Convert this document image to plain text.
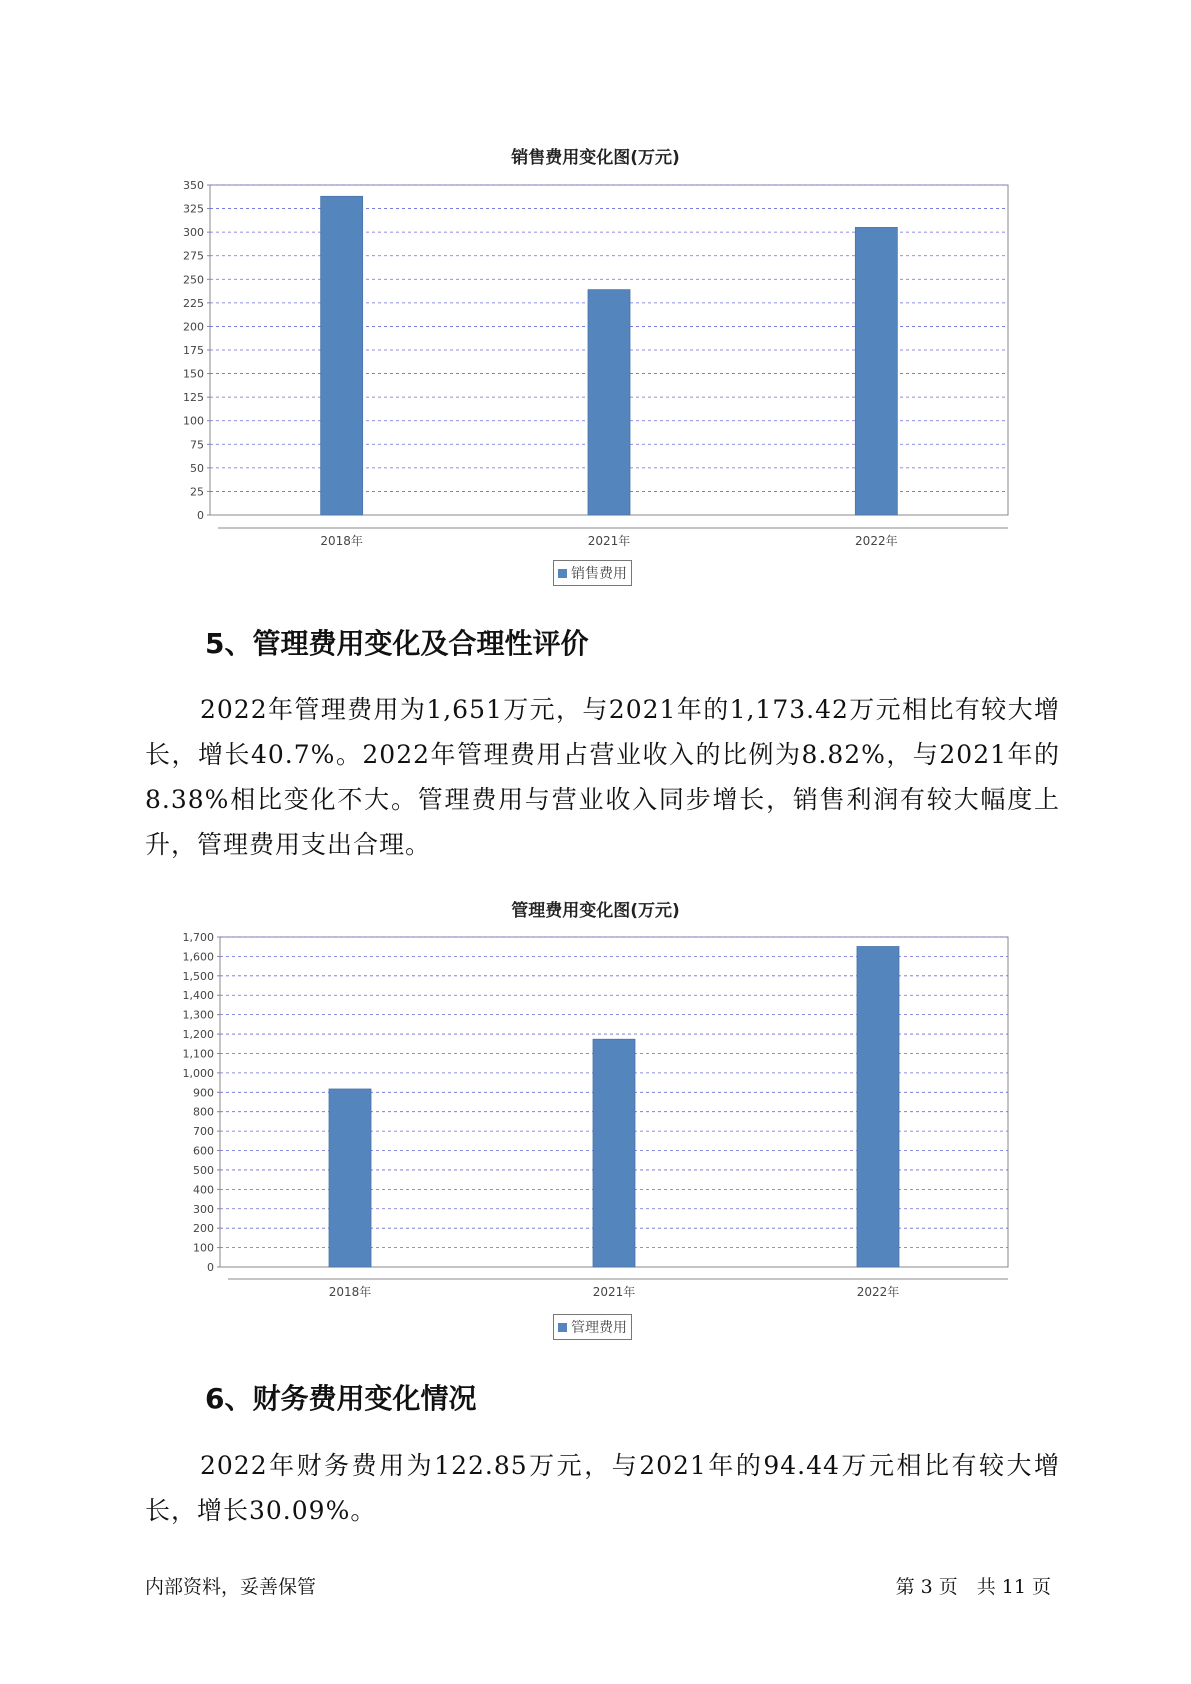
销售费用变化图(万元)
0
25
50
75
100
125
150
175
200
225
250
275
300
325
350
2018年	2021年	2022年
销售费用
5、管理费用变化及合理性评价
2022年管理费用为1,651万元，与2021年的1,173.42万元相比有较大增长，增长40.7%。2022年管理费用占营业收入的比例为8.82%，与2021年的8.38%相比变化不大。管理费用与营业收入同步增长，销售利润有较大幅度上升，管理费用支出合理。
管理费用变化图(万元)
0
100
200
300
400
500
600
700
800
900
1,000
1,100
1,200
1,300
1,400
1,500
1,600
1,700
2018年	2021年	2022年
管理费用
6、财务费用变化情况
2022年财务费用为122.85万元，与2021年的94.44万元相比有较大增长，增长30.09%。
内部资料，妥善保管	第 3 页　共 11 页
